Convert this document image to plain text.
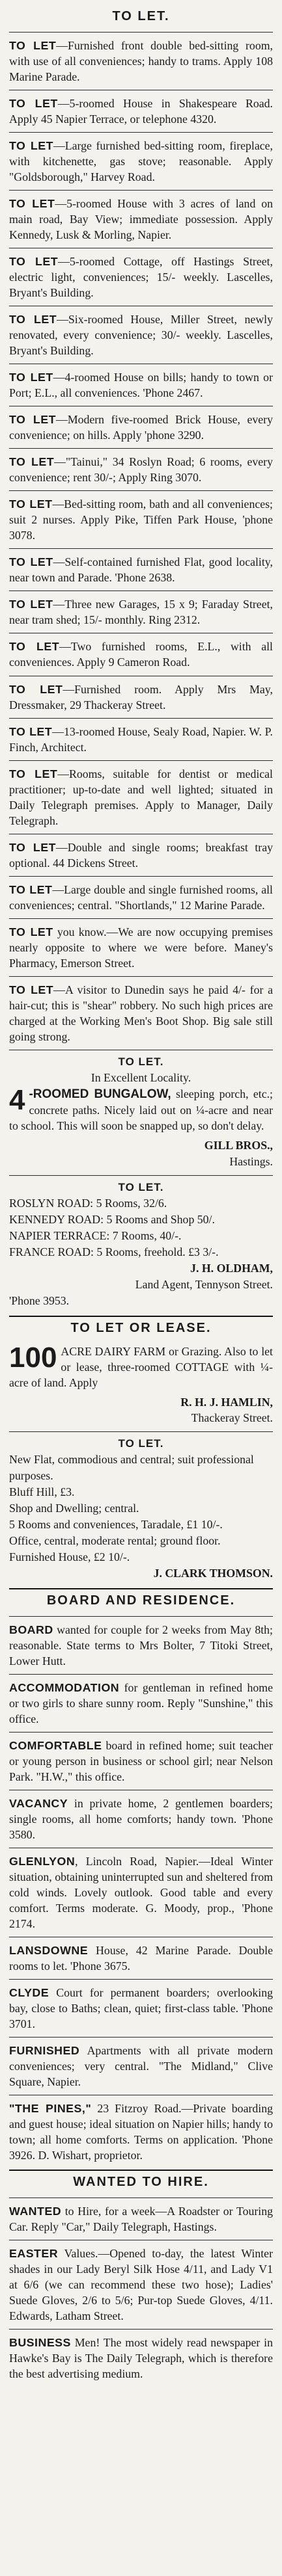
TO LET.

TO LET—Furnished front double bed-sitting room, with use of all conveniences; handy to trams. Apply 108 Marine Parade.

TO LET—5-roomed House in Shakespeare Road. Apply 45 Napier Terrace, or telephone 4320.

TO LET—Large furnished bed-sitting room, fireplace, with kitchenette, gas stove; reasonable. Apply "Goldsborough," Harvey Road.

TO LET—5-roomed House with 3 acres of land on main road, Bay View; immediate possession. Apply Kennedy, Lusk & Morling, Napier.

TO LET—5-roomed Cottage, off Hastings Street, electric light, conveniences; 15/- weekly. Lascelles, Bryant's Building.

TO LET—Six-roomed House, Miller Street, newly renovated, every convenience; 30/- weekly. Lascelles, Bryant's Building.

TO LET—4-roomed House on bills; handy to town or Port; E.L., all conveniences. 'Phone 2467.

TO LET—Modern five-roomed Brick House, every convenience; on hills. Apply 'phone 3290.

TO LET—"Tainui," 34 Roslyn Road; 6 rooms, every convenience; rent 30/-; Apply Ring 3070.

TO LET—Bed-sitting room, bath and all conveniences; suit 2 nurses. Apply Pike, Tiffen Park House, 'phone 3078.

TO LET—Self-contained furnished Flat, good locality, near town and Parade. 'Phone 2638.

TO LET—Three new Garages, 15 x 9; Faraday Street, near tram shed; 15/- monthly. Ring 2312.

TO LET—Two furnished rooms, E.L., with all conveniences. Apply 9 Cameron Road.

TO LET—Furnished room. Apply Mrs May, Dressmaker, 29 Thackeray Street.

TO LET—13-roomed House, Sealy Road, Napier. W. P. Finch, Architect.

TO LET—Rooms, suitable for dentist or medical practitioner; up-to-date and well lighted; situated in Daily Telegraph premises. Apply to Manager, Daily Telegraph.

TO LET—Double and single rooms; breakfast tray optional. 44 Dickens Street.

TO LET—Large double and single furnished rooms, all conveniences; central. "Shortlands," 12 Marine Parade.

TO LET you know.—We are now occupying premises nearly opposite to where we were before. Maney's Pharmacy, Emerson Street.

TO LET—A visitor to Dunedin says he paid 4/- for a hair-cut; this is "shear" robbery. No such high prices are charged at the Working Men's Boot Shop. Big sale still going strong.

TO LET.
In Excellent Locality.

4 -ROOMED BUNGALOW, sleeping porch, etc.; concrete paths. Nicely laid out on ¼-acre and near to school. This will soon be snapped up, so don't delay.

GILL BROS.,
Hastings.
TO LET.
ROSLYN ROAD: 5 Rooms, 32/6.
KENNEDY ROAD: 5 Rooms and Shop 50/.
NAPIER TERRACE: 7 Rooms, 40/-.
FRANCE ROAD: 5 Rooms, freehold. £3 3/-.
J. H. OLDHAM,
Land Agent, Tennyson Street.
'Phone 3953.
TO LET OR LEASE.

100 ACRE DAIRY FARM or Grazing. Also to let or lease, three-roomed COTTAGE with ¼-acre of land. Apply

R. H. J. HAMLIN,
Thackeray Street.
TO LET.
New Flat, commodious and central; suit professional purposes.
Bluff Hill, £3.
Shop and Dwelling; central.
5 Rooms and conveniences, Taradale, £1 10/-.
Office, central, moderate rental; ground floor.
Furnished House, £2 10/-.
J. CLARK THOMSON.
BOARD AND RESIDENCE.

BOARD wanted for couple for 2 weeks from May 8th; reasonable. State terms to Mrs Bolter, 7 Titoki Street, Lower Hutt.

ACCOMMODATION for gentleman in refined home or two girls to share sunny room. Reply "Sunshine," this office.

COMFORTABLE board in refined home; suit teacher or young person in business or school girl; near Nelson Park. "H.W.," this office.

VACANCY in private home, 2 gentlemen boarders; single rooms, all home comforts; handy town. 'Phone 3580.

GLENLYON, Lincoln Road, Napier.—Ideal Winter situation, obtaining uninterrupted sun and sheltered from cold winds. Lovely outlook. Good table and every comfort. Terms moderate. G. Moody, prop., 'Phone 2174.

LANSDOWNE House, 42 Marine Parade. Double rooms to let. 'Phone 3675.

CLYDE Court for permanent boarders; overlooking bay, close to Baths; clean, quiet; first-class table. 'Phone 3701.

FURNISHED Apartments with all private modern conveniences; very central. "The Midland," Clive Square, Napier.

"THE PINES," 23 Fitzroy Road.—Private boarding and guest house; ideal situation on Napier hills; handy to town; all home comforts. Terms on application. 'Phone 3926. D. Wishart, proprietor.

WANTED TO HIRE.

WANTED to Hire, for a week—A Roadster or Touring Car. Reply "Car," Daily Telegraph, Hastings.

EASTER Values.—Opened to-day, the latest Winter shades in our Lady Beryl Silk Hose 4/11, and Lady V1 at 6/6 (we can recommend these two hose); Ladies' Suede Gloves, 2/6 to 5/6; Pur-top Suede Gloves, 4/11. Edwards, Latham Street.

BUSINESS Men! The most widely read newspaper in Hawke's Bay is The Daily Telegraph, which is therefore the best advertising medium.
